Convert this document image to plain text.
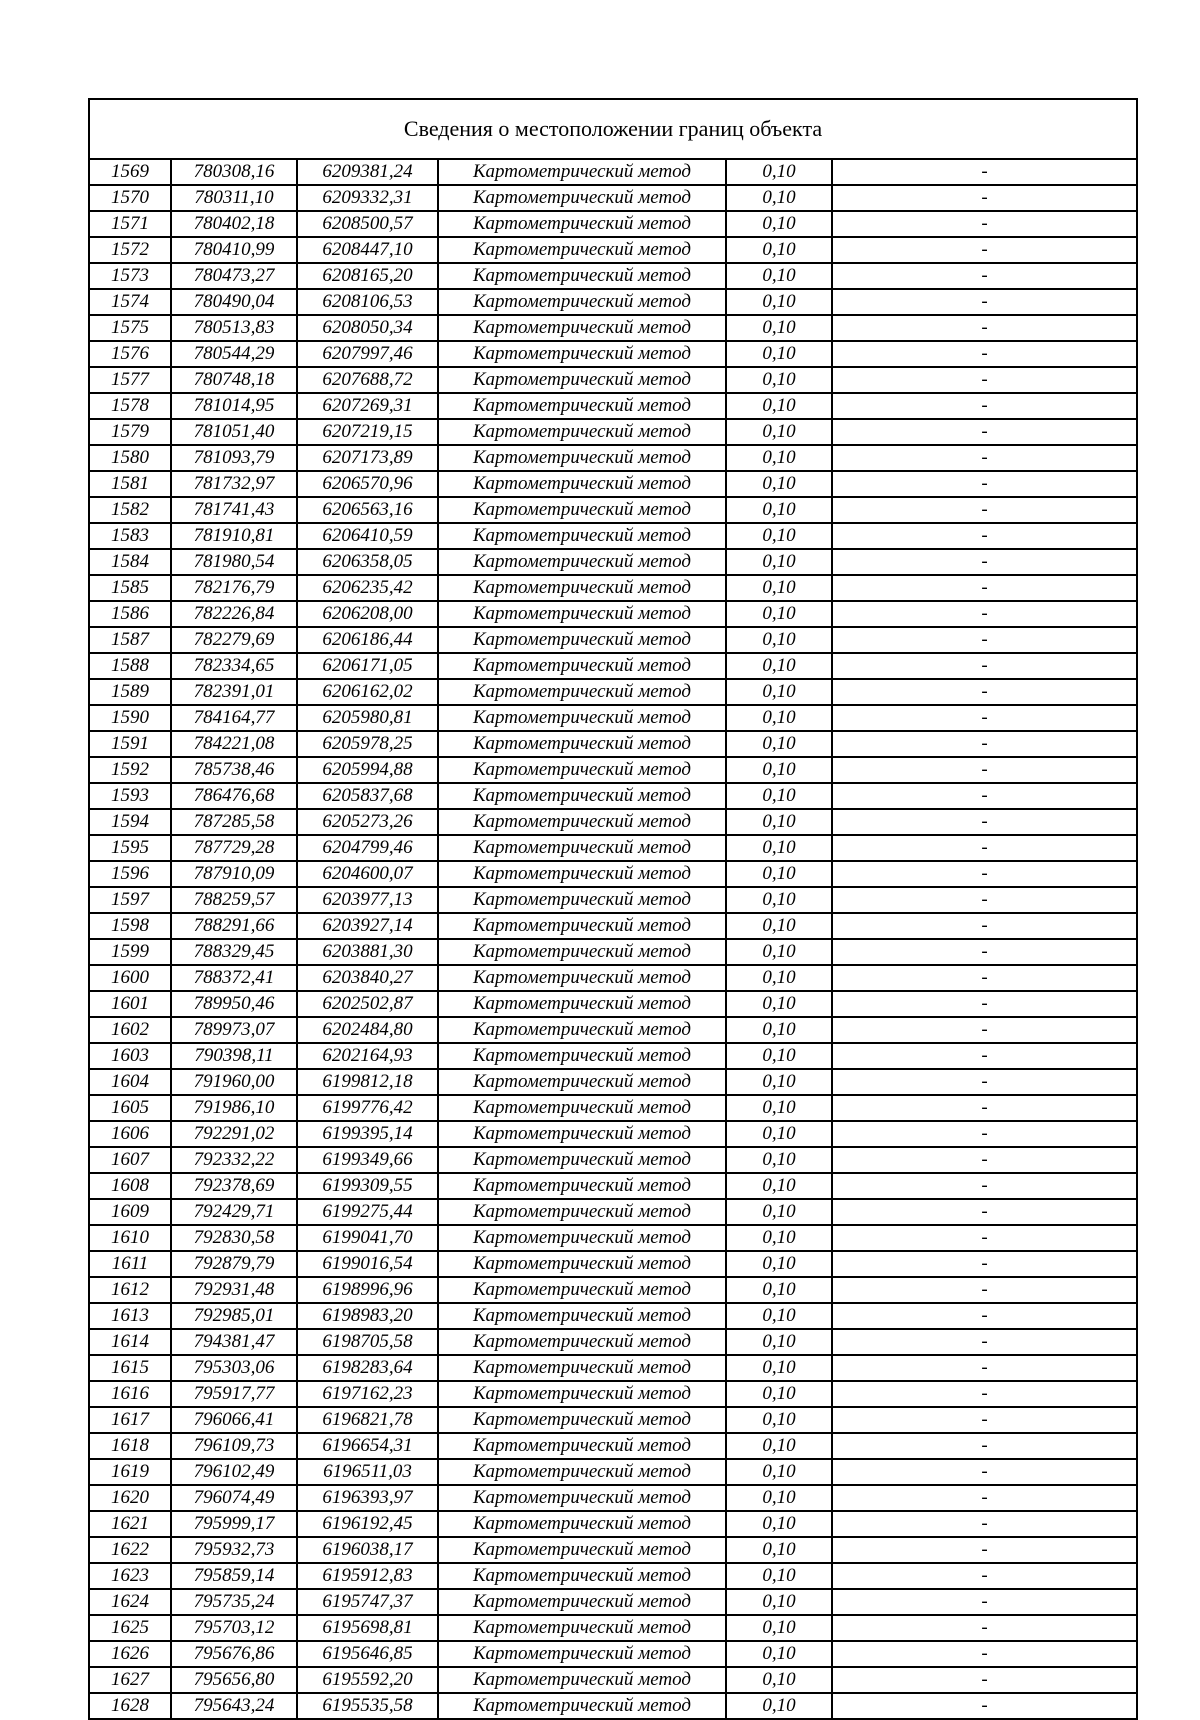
Сведения о местоположении границ объекта
1569	780308,16	6209381,24	Картометрический метод	0,10	-
1570	780311,10	6209332,31	Картометрический метод	0,10	-
1571	780402,18	6208500,57	Картометрический метод	0,10	-
1572	780410,99	6208447,10	Картометрический метод	0,10	-
1573	780473,27	6208165,20	Картометрический метод	0,10	-
1574	780490,04	6208106,53	Картометрический метод	0,10	-
1575	780513,83	6208050,34	Картометрический метод	0,10	-
1576	780544,29	6207997,46	Картометрический метод	0,10	-
1577	780748,18	6207688,72	Картометрический метод	0,10	-
1578	781014,95	6207269,31	Картометрический метод	0,10	-
1579	781051,40	6207219,15	Картометрический метод	0,10	-
1580	781093,79	6207173,89	Картометрический метод	0,10	-
1581	781732,97	6206570,96	Картометрический метод	0,10	-
1582	781741,43	6206563,16	Картометрический метод	0,10	-
1583	781910,81	6206410,59	Картометрический метод	0,10	-
1584	781980,54	6206358,05	Картометрический метод	0,10	-
1585	782176,79	6206235,42	Картометрический метод	0,10	-
1586	782226,84	6206208,00	Картометрический метод	0,10	-
1587	782279,69	6206186,44	Картометрический метод	0,10	-
1588	782334,65	6206171,05	Картометрический метод	0,10	-
1589	782391,01	6206162,02	Картометрический метод	0,10	-
1590	784164,77	6205980,81	Картометрический метод	0,10	-
1591	784221,08	6205978,25	Картометрический метод	0,10	-
1592	785738,46	6205994,88	Картометрический метод	0,10	-
1593	786476,68	6205837,68	Картометрический метод	0,10	-
1594	787285,58	6205273,26	Картометрический метод	0,10	-
1595	787729,28	6204799,46	Картометрический метод	0,10	-
1596	787910,09	6204600,07	Картометрический метод	0,10	-
1597	788259,57	6203977,13	Картометрический метод	0,10	-
1598	788291,66	6203927,14	Картометрический метод	0,10	-
1599	788329,45	6203881,30	Картометрический метод	0,10	-
1600	788372,41	6203840,27	Картометрический метод	0,10	-
1601	789950,46	6202502,87	Картометрический метод	0,10	-
1602	789973,07	6202484,80	Картометрический метод	0,10	-
1603	790398,11	6202164,93	Картометрический метод	0,10	-
1604	791960,00	6199812,18	Картометрический метод	0,10	-
1605	791986,10	6199776,42	Картометрический метод	0,10	-
1606	792291,02	6199395,14	Картометрический метод	0,10	-
1607	792332,22	6199349,66	Картометрический метод	0,10	-
1608	792378,69	6199309,55	Картометрический метод	0,10	-
1609	792429,71	6199275,44	Картометрический метод	0,10	-
1610	792830,58	6199041,70	Картометрический метод	0,10	-
1611	792879,79	6199016,54	Картометрический метод	0,10	-
1612	792931,48	6198996,96	Картометрический метод	0,10	-
1613	792985,01	6198983,20	Картометрический метод	0,10	-
1614	794381,47	6198705,58	Картометрический метод	0,10	-
1615	795303,06	6198283,64	Картометрический метод	0,10	-
1616	795917,77	6197162,23	Картометрический метод	0,10	-
1617	796066,41	6196821,78	Картометрический метод	0,10	-
1618	796109,73	6196654,31	Картометрический метод	0,10	-
1619	796102,49	6196511,03	Картометрический метод	0,10	-
1620	796074,49	6196393,97	Картометрический метод	0,10	-
1621	795999,17	6196192,45	Картометрический метод	0,10	-
1622	795932,73	6196038,17	Картометрический метод	0,10	-
1623	795859,14	6195912,83	Картометрический метод	0,10	-
1624	795735,24	6195747,37	Картометрический метод	0,10	-
1625	795703,12	6195698,81	Картометрический метод	0,10	-
1626	795676,86	6195646,85	Картометрический метод	0,10	-
1627	795656,80	6195592,20	Картометрический метод	0,10	-
1628	795643,24	6195535,58	Картометрический метод	0,10	-
